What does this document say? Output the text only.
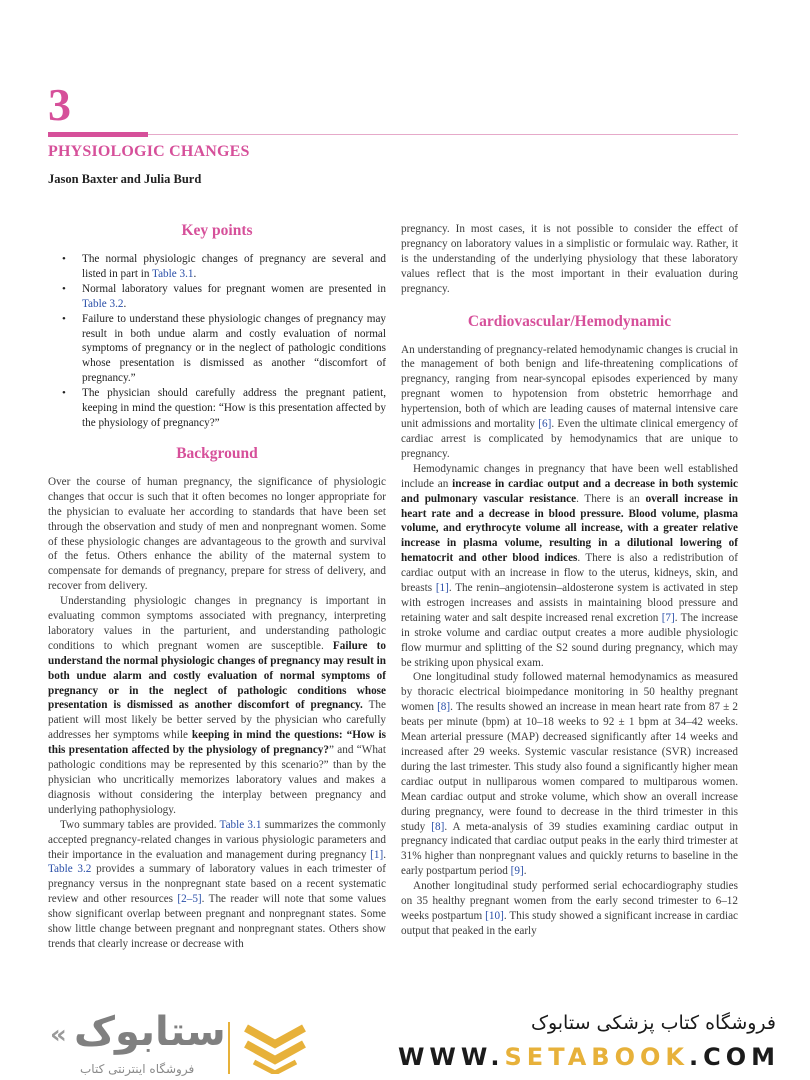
3
PHYSIOLOGIC CHANGES
Jason Baxter and Julia Burd
Key points
• The normal physiologic changes of pregnancy are several and listed in part in Table 3.1.
• Normal laboratory values for pregnant women are presented in Table 3.2.
• Failure to understand these physiologic changes of pregnancy may result in both undue alarm and costly evaluation of normal symptoms of pregnancy or in the neglect of pathologic conditions whose presentation is dismissed as another “discomfort of pregnancy.”
• The physician should carefully address the pregnant patient, keeping in mind the question: “How is this presentation affected by the physiology of pregnancy?”
Background

Over the course of human pregnancy, the significance of physiologic changes that occur is such that it often becomes no longer appropriate for the physician to evaluate her according to standards that have been set through the observation and study of men and nonpregnant women. Some of these physiologic changes are advantageous to the growth and survival of the fetus. Others enhance the ability of the maternal system to compensate for demands of pregnancy, prepare for stress of delivery, and recover from delivery.

Understanding physiologic changes in pregnancy is important in evaluating common symptoms associated with pregnancy, interpreting laboratory values in the parturient, and understanding pathologic conditions to which pregnant women are susceptible. Failure to understand the normal physiologic changes of pregnancy may result in both undue alarm and costly evaluation of normal symptoms of pregnancy or in the neglect of pathologic conditions whose presentation is dismissed as another discomfort of pregnancy. The patient will most likely be better served by the physician who carefully addresses her symptoms while keeping in mind the questions: “How is this presentation affected by the physiology of pregnancy?” and “What pathologic conditions may be represented by this scenario?” than by the physician who uncritically memorizes laboratory values and makes a diagnosis without considering the interplay between pregnancy and underlying pathophysiology.

Two summary tables are provided. Table 3.1 summarizes the commonly accepted pregnancy-related changes in various physiologic parameters and their importance in the evaluation and management during pregnancy [1]. Table 3.2 provides a summary of laboratory values in each trimester of pregnancy versus in the nonpregnant state based on a recent systematic review and other resources [2–5]. The reader will note that some values show significant overlap between pregnant and nonpregnant states. Some show little change between pregnant and nonpregnant states. Others show trends that clearly increase or decrease with

pregnancy. In most cases, it is not possible to consider the effect of pregnancy on laboratory values in a simplistic or formulaic way. Rather, it is the understanding of the underlying physiology that these laboratory values reflect that is the most important in their evaluation during pregnancy.

Cardiovascular/Hemodynamic

An understanding of pregnancy-related hemodynamic changes is crucial in the management of both benign and life-threatening complications of pregnancy, ranging from near-syncopal episodes experienced by many pregnant women to hypotension from obstetric hemorrhage and hypertension, both of which are leading causes of maternal intensive care unit admissions and mortality [6]. Even the ultimate clinical emergency of cardiac arrest is complicated by hemodynamics that are unique to pregnancy.

Hemodynamic changes in pregnancy that have been well established include an increase in cardiac output and a decrease in both systemic and pulmonary vascular resistance. There is an overall increase in heart rate and a decrease in blood pressure. Blood volume, plasma volume, and erythrocyte volume all increase, with a greater relative increase in plasma volume, resulting in a dilutional lowering of hematocrit and other blood indices. There is also a redistribution of cardiac output with an increase in flow to the uterus, kidneys, skin, and breasts [1]. The renin–angiotensin–aldosterone system is activated in step with estrogen increases and assists in maintaining blood pressure and retaining water and salt despite increased renal excretion [7]. The increase in stroke volume and cardiac output creates a more audible physiologic flow murmur and splitting of the S2 sound during pregnancy, which may be striking upon physical exam.

One longitudinal study followed maternal hemodynamics as measured by thoracic electrical bioimpedance monitoring in 50 healthy pregnant women [8]. The results showed an increase in mean heart rate from 87 ± 2 beats per minute (bpm) at 10–18 weeks to 92 ± 1 bpm at 34–42 weeks. Mean arterial pressure (MAP) decreased significantly after 14 weeks and increased after 29 weeks. Systemic vascular resistance (SVR) increased during the last trimester. This study also found a significantly higher mean cardiac output in nulliparous women compared to multiparous women. Mean cardiac output and stroke volume, which show an overall increase during pregnancy, were found to decrease in the third trimester in this study [8]. A meta-analysis of 39 studies examining cardiac output in pregnancy indicated that cardiac output peaks in the early third trimester at 31% higher than nonpregnant values and quickly returns to baseline in the early postpartum period [9].

Another longitudinal study performed serial echocardiography studies on 35 healthy pregnant women from the early second trimester to 6–12 weeks postpartum [10]. This study showed a significant increase in cardiac output that peaked in the early

« ستابوک
فروشگاه اینترنتی کتاب
فروشگاه کتاب پزشکی ستابوک
WWW.SETABOOK.COM
